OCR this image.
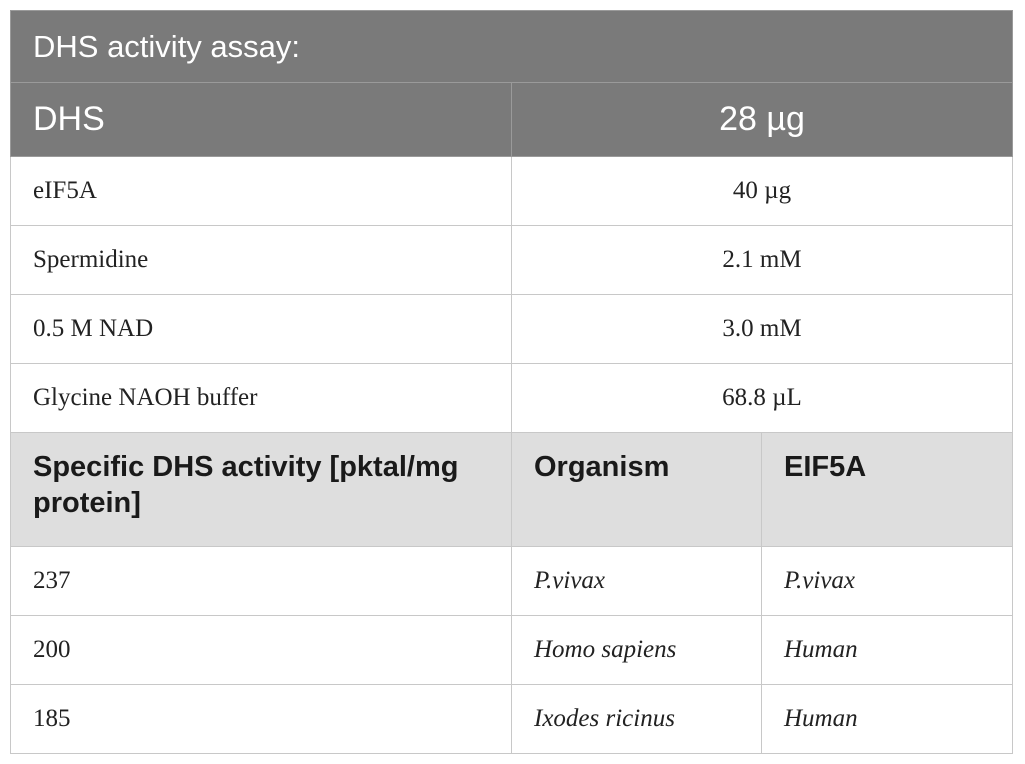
DHS activity assay:		
DHS	28 µg	
eIF5A	40 µg	
Spermidine	2.1 mM	
0.5 M NAD	3.0 mM	
Glycine NAOH buffer	68.8 µL	
Specific DHS activity [pktal/mg protein]	Organism	EIF5A
237	P.vivax	P.vivax
200	Homo sapiens	Human
185	Ixodes ricinus	Human
